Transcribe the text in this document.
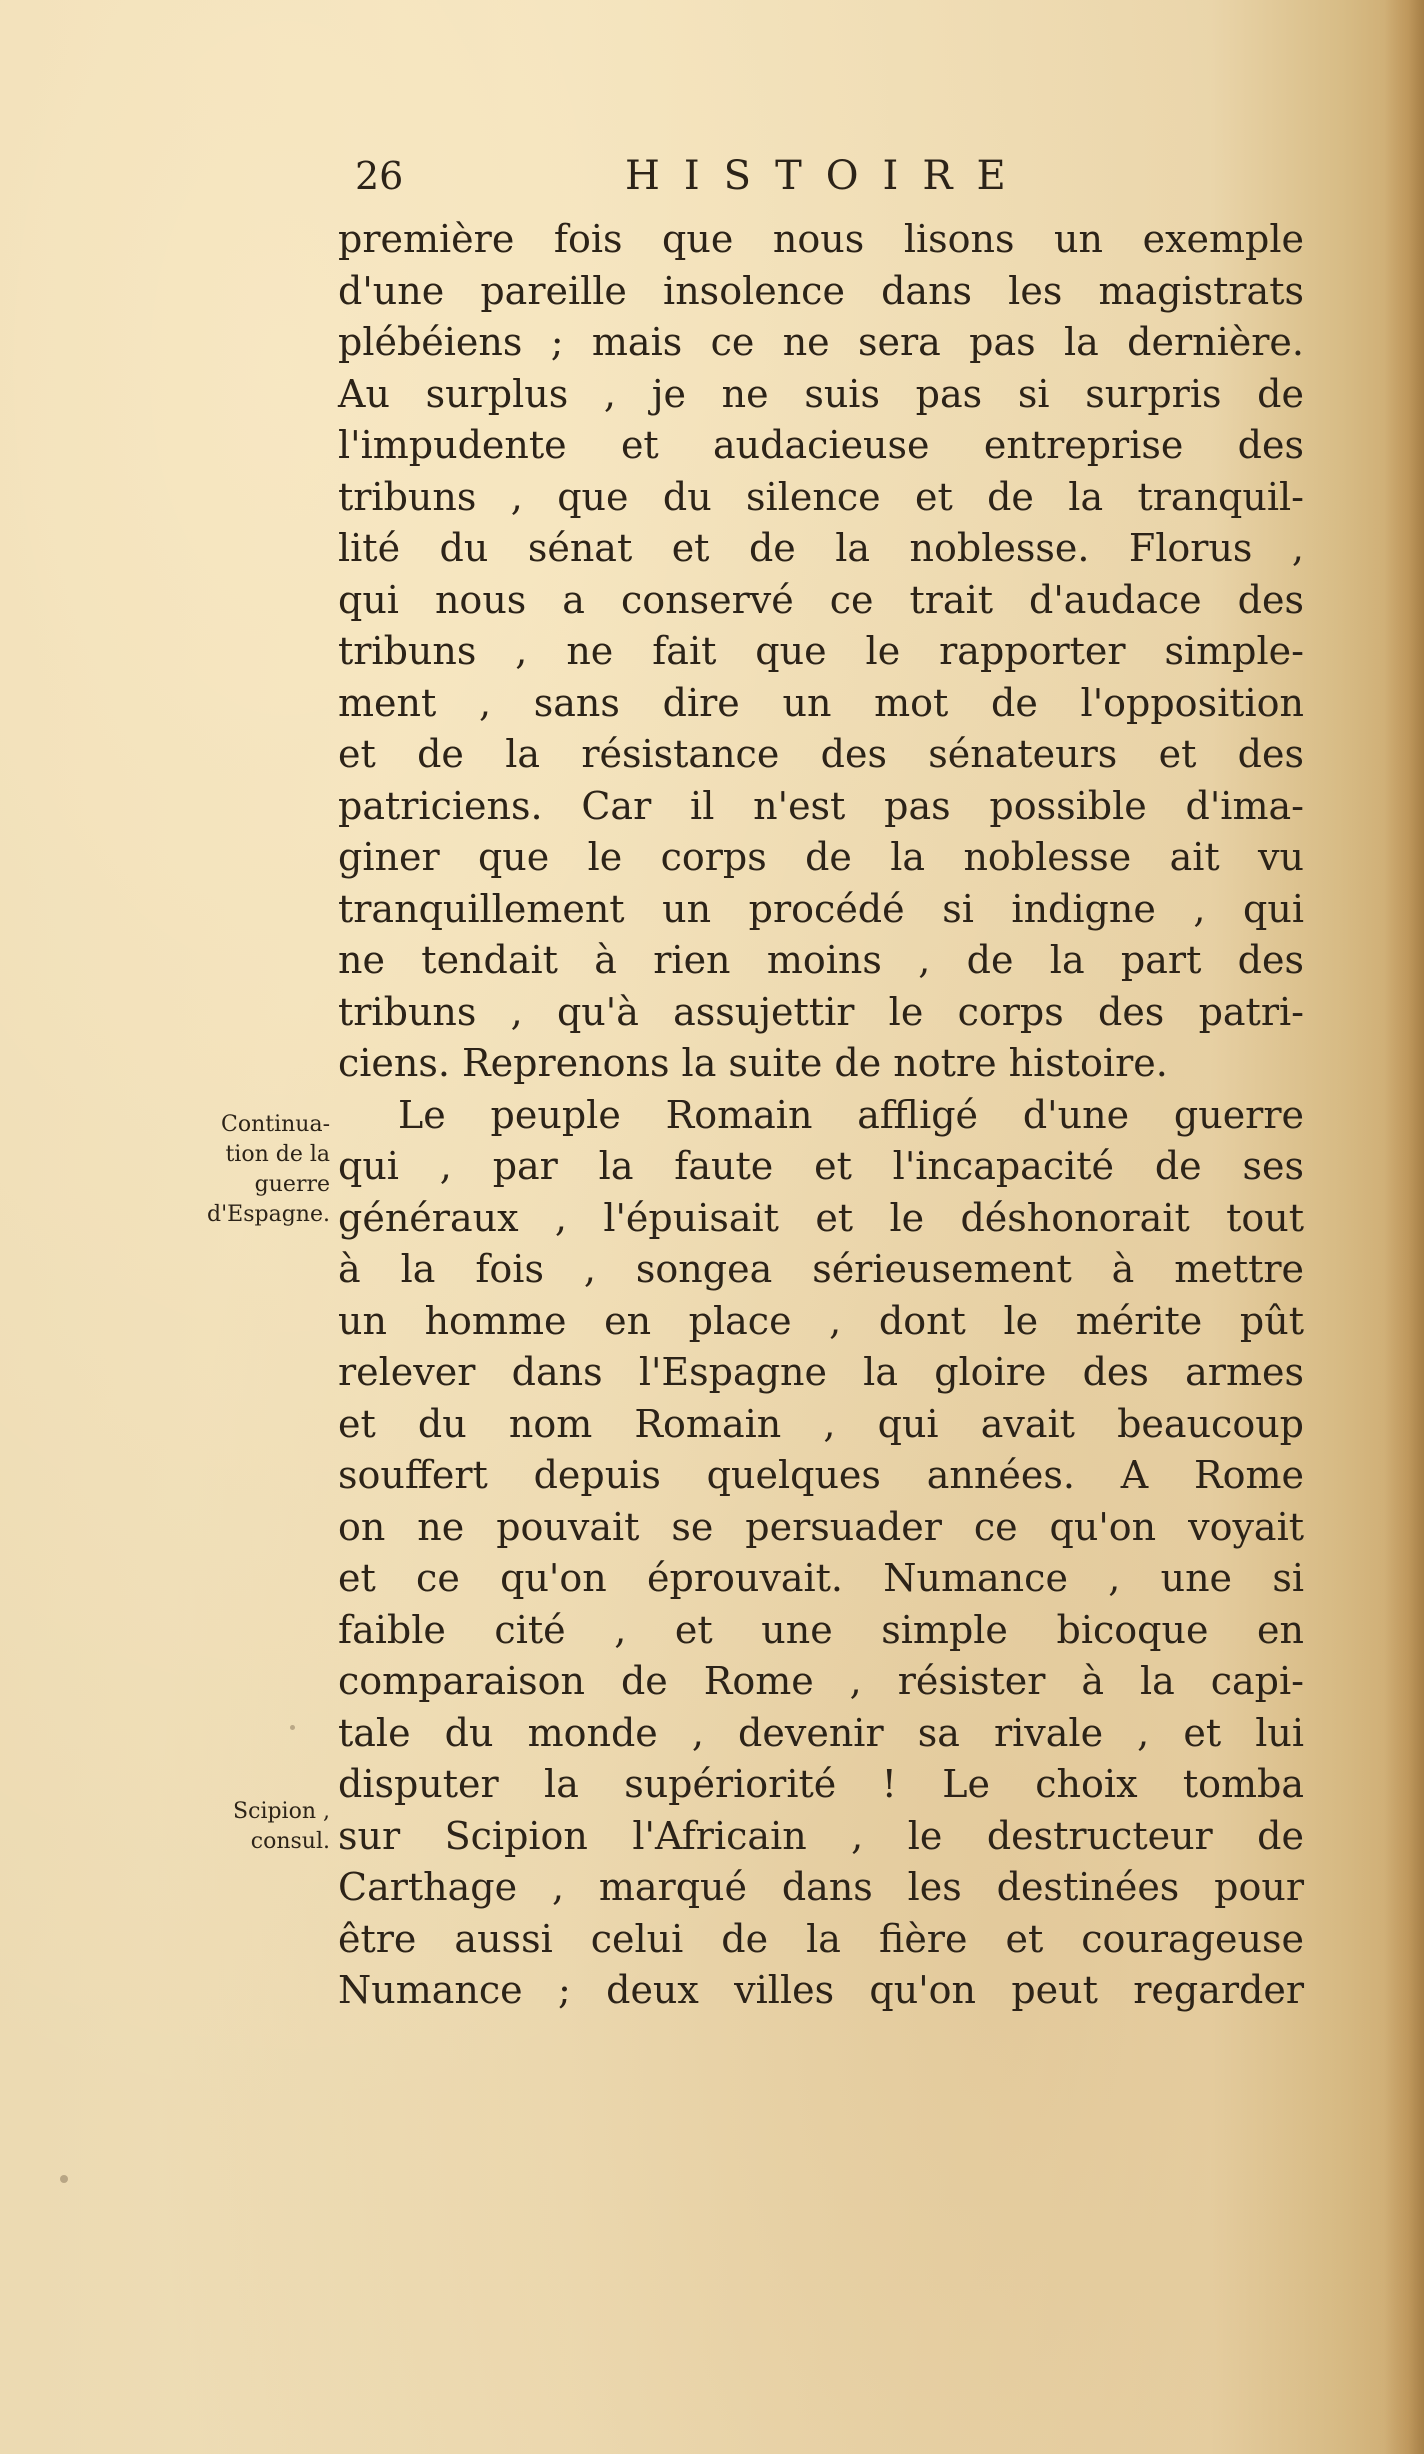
26	HISTOIRE
première fois que nous lisons un exemple
d'une pareille insolence dans les magistrats
plébéiens ; mais ce ne sera pas la dernière.
Au surplus , je ne suis pas si surpris de
l'impudente et audacieuse entreprise des
tribuns , que du silence et de la tranquil-
lité du sénat et de la noblesse. Florus ,
qui nous a conservé ce trait d'audace des
tribuns , ne fait que le rapporter simple-
ment , sans dire un mot de l'opposition
et de la résistance des sénateurs et des
patriciens. Car il n'est pas possible d'ima-
giner que le corps de la noblesse ait vu
tranquillement un procédé si indigne , qui
ne tendait à rien moins , de la part des
tribuns , qu'à assujettir le corps des patri-
ciens. Reprenons la suite de notre histoire.
Le peuple Romain affligé d'une guerre
qui , par la faute et l'incapacité de ses
généraux , l'épuisait et le déshonorait tout
à la fois , songea sérieusement à mettre
un homme en place , dont le mérite pût
relever dans l'Espagne la gloire des armes
et du nom Romain , qui avait beaucoup
souffert depuis quelques années. A Rome
on ne pouvait se persuader ce qu'on voyait
et ce qu'on éprouvait. Numance , une si
faible cité , et une simple bicoque en
comparaison de Rome , résister à la capi-
tale du monde , devenir sa rivale , et lui
disputer la supériorité ! Le choix tomba
sur Scipion l'Africain , le destructeur de
Carthage , marqué dans les destinées pour
être aussi celui de la fière et courageuse
Numance ; deux villes qu'on peut regarder
Continua-
tion de la
guerre
d'Espagne.
Scipion ,
consul.
